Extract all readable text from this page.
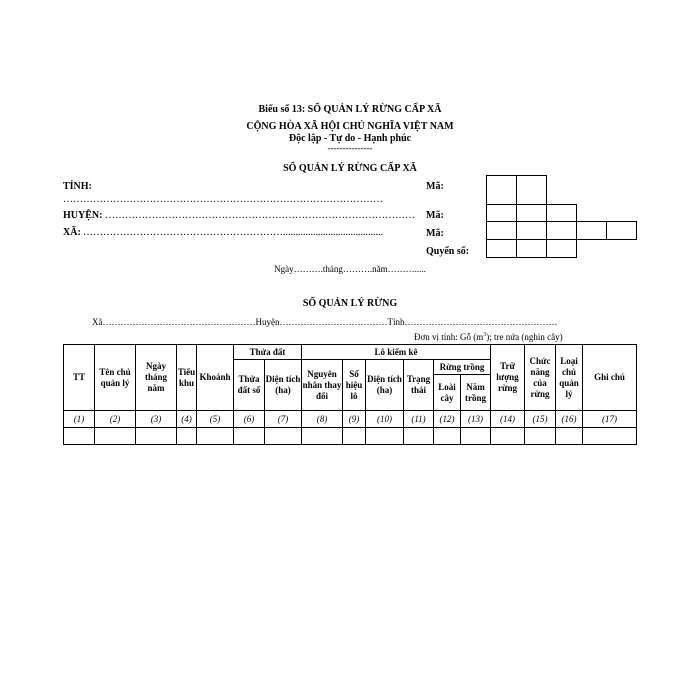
Biểu số 13: SỔ QUẢN LÝ RỪNG CẤP XÃ
CỘNG HÒA XÃ HỘI CHỦ NGHĨA VIỆT NAM
Độc lập - Tự do - Hạnh phúc
---------------
SỔ QUẢN LÝ RỪNG CẤP XÃ
TỈNH:
……………………………………………………………………………………
HUYỆN: …………………………………………………………………………………
XÃ: ……………………………………………………........................................
Mã:
Mã:
Mã:
Quyển số:
Ngày……….tháng……….năm……….....
SỔ QUẢN LÝ RỪNG
Xã……………………………………………Huyện………………………………Tỉnh……………………………………………
Đơn vị tính: Gỗ $(m^3)$; tre nứa (nghìn cây)
TT	Tên chủ quản lý	Ngày tháng năm	Tiểu khu	Khoảnh	Thửa đất		Lô kiểm kê						Trữ lượng rừng	Chức năng của rừng	Loại chủ quản lý	Ghi chú
					Thửa đất số	Diện tích (ha)	Nguyên nhân thay đổi	Số hiệu lô	Diện tích (ha)	Trạng thái	Rừng trồng					
											Loài cây	Năm trồng				
(1)	(2)	(3)	(4)	(5)	(6)	(7)	(8)	(9)	(10)	(11)	(12)	(13)	(14)	(15)	(16)	(17)
